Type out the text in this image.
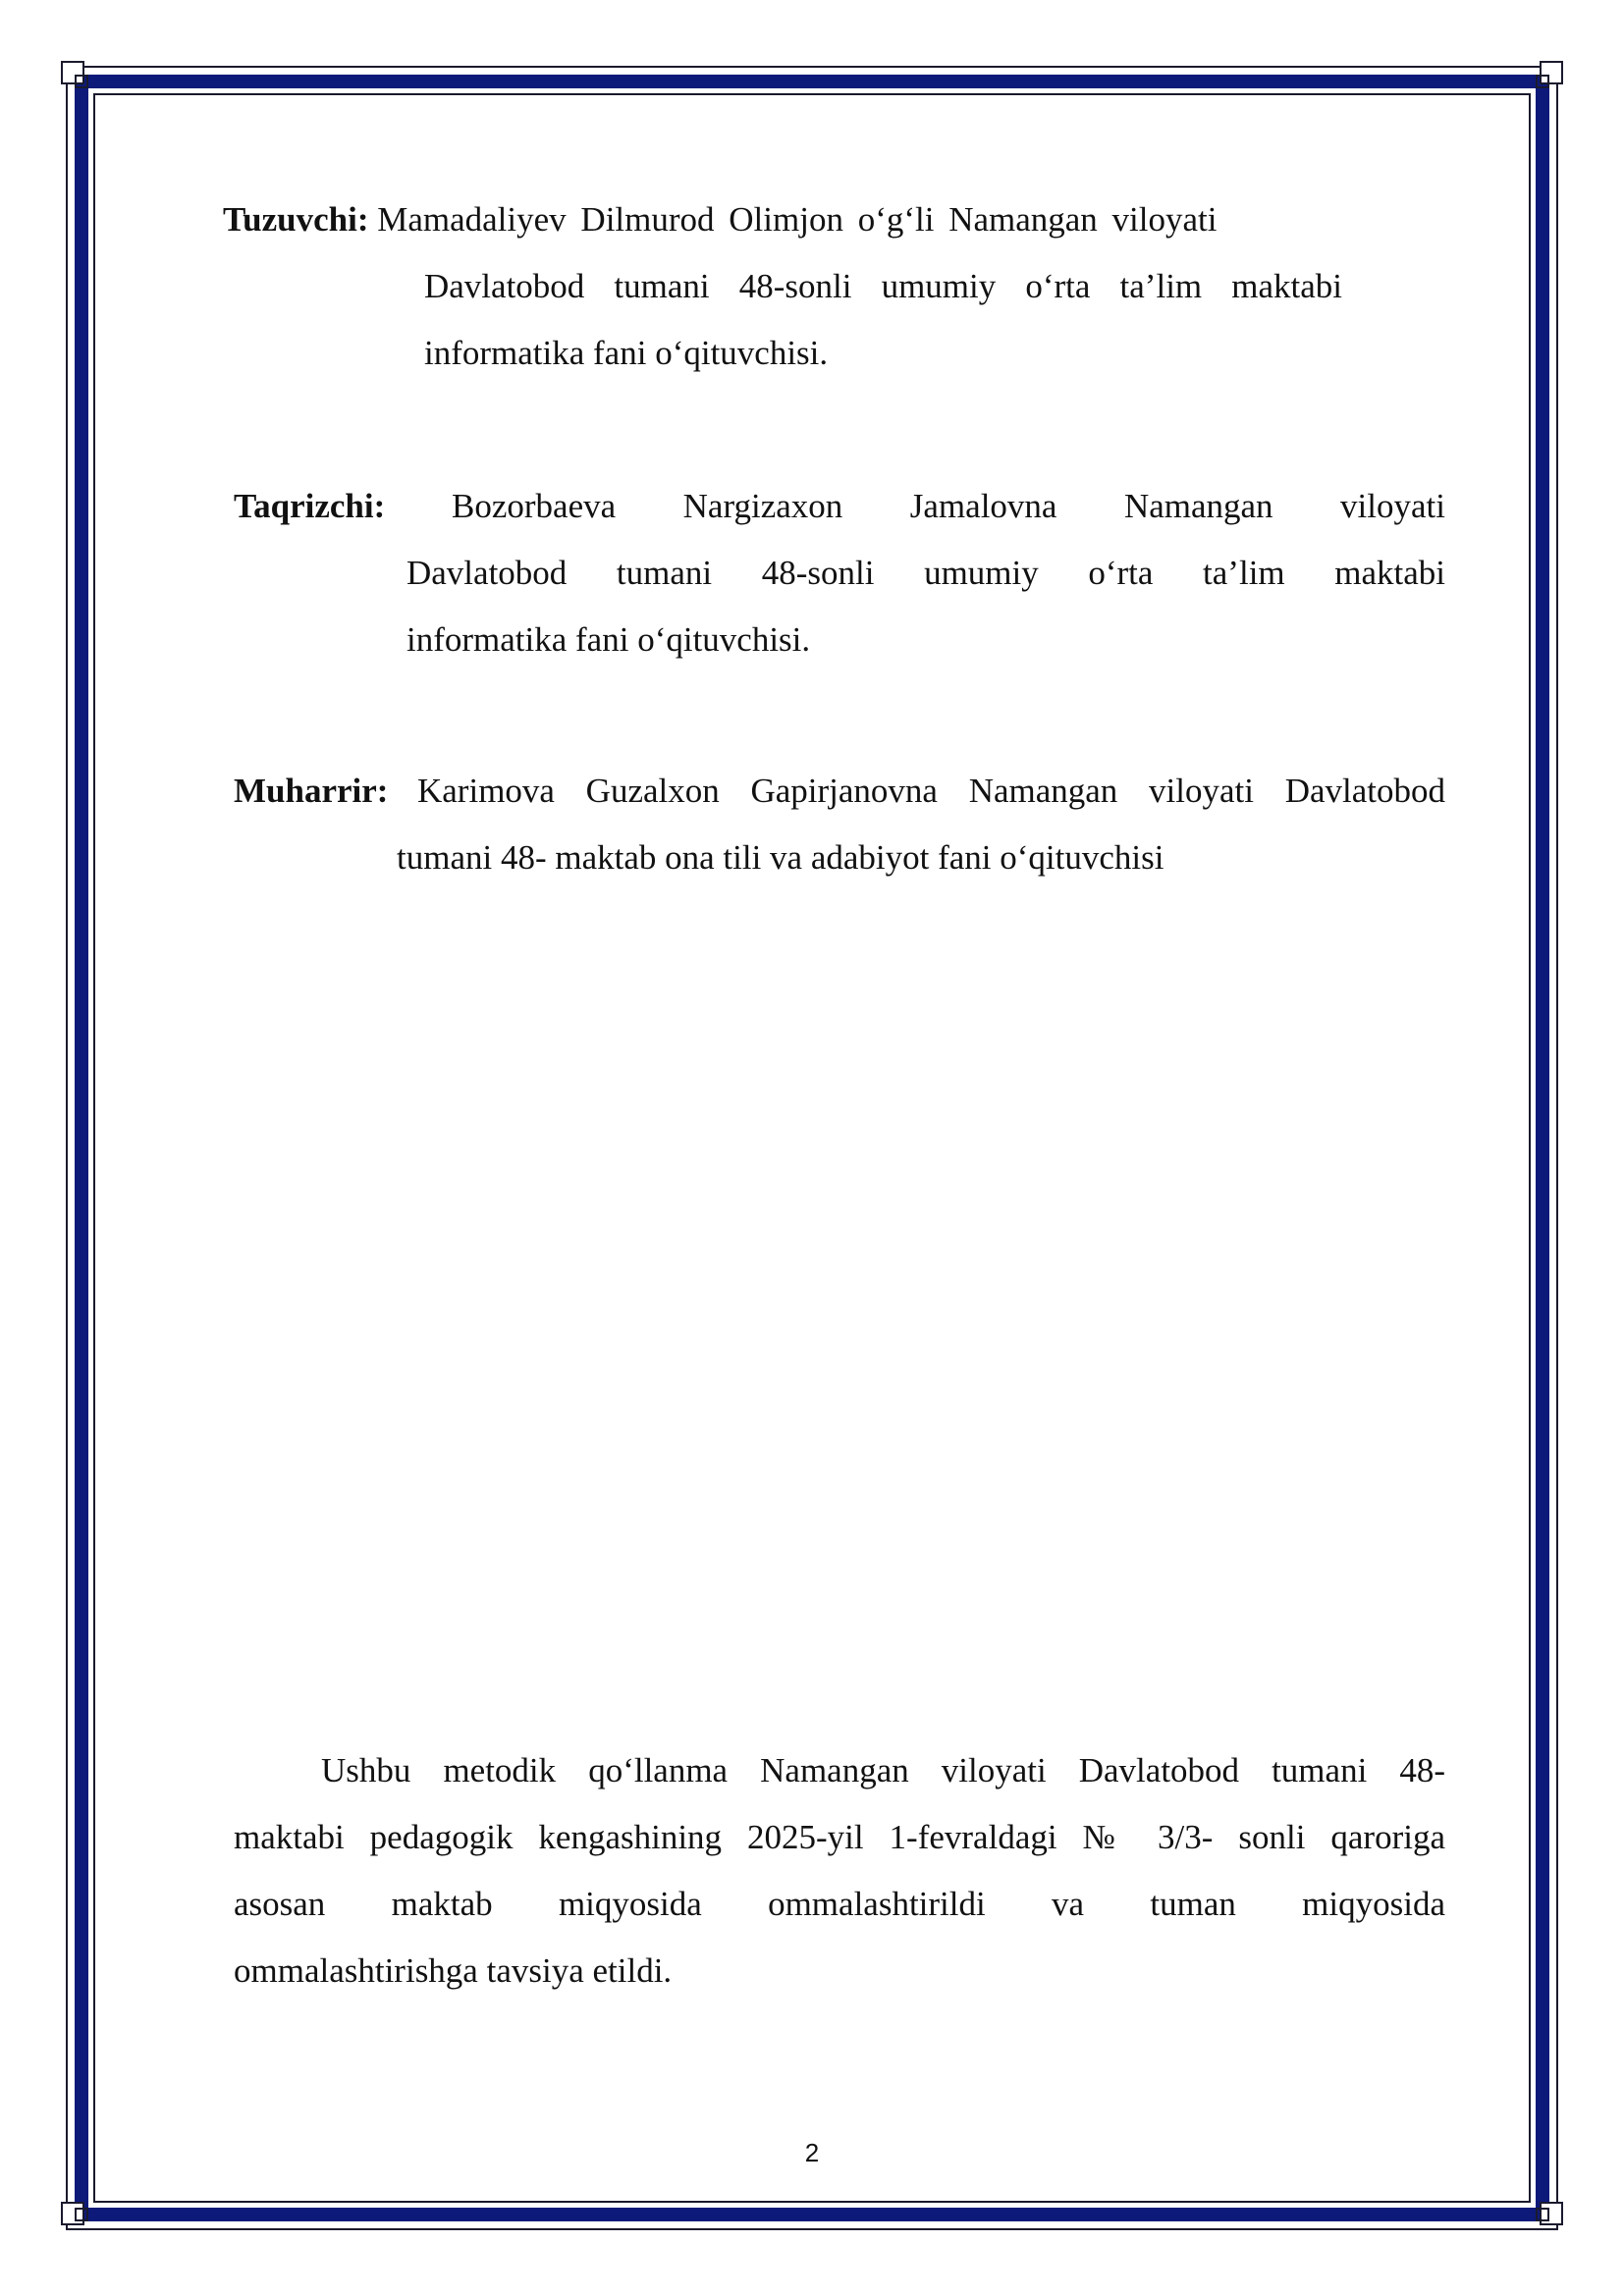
Tuzuvchi: Mamadaliyev Dilmurod Olimjon o‘g‘li Namangan viloyati
Davlatobod tumani 48-sonli umumiy o‘rta ta’lim maktabi
informatika fani o‘qituvchisi.
Taqrizchi: Bozorbaeva Nargizaxon Jamalovna Namangan viloyati
Davlatobod tumani 48-sonli umumiy o‘rta ta’lim maktabi
informatika fani o‘qituvchisi.
Muharrir: Karimova Guzalxon Gapirjanovna Namangan viloyati Davlatobod
tumani 48- maktab ona tili va adabiyot fani o‘qituvchisi
Ushbu metodik qo‘llanma Namangan viloyati Davlatobod tumani 48-
maktabi pedagogik kengashining 2025-yil 1-fevraldagi № 3/3- sonli qaroriga
asosan maktab miqyosida ommalashtirildi va tuman miqyosida
ommalashtirishga tavsiya etildi.
2
